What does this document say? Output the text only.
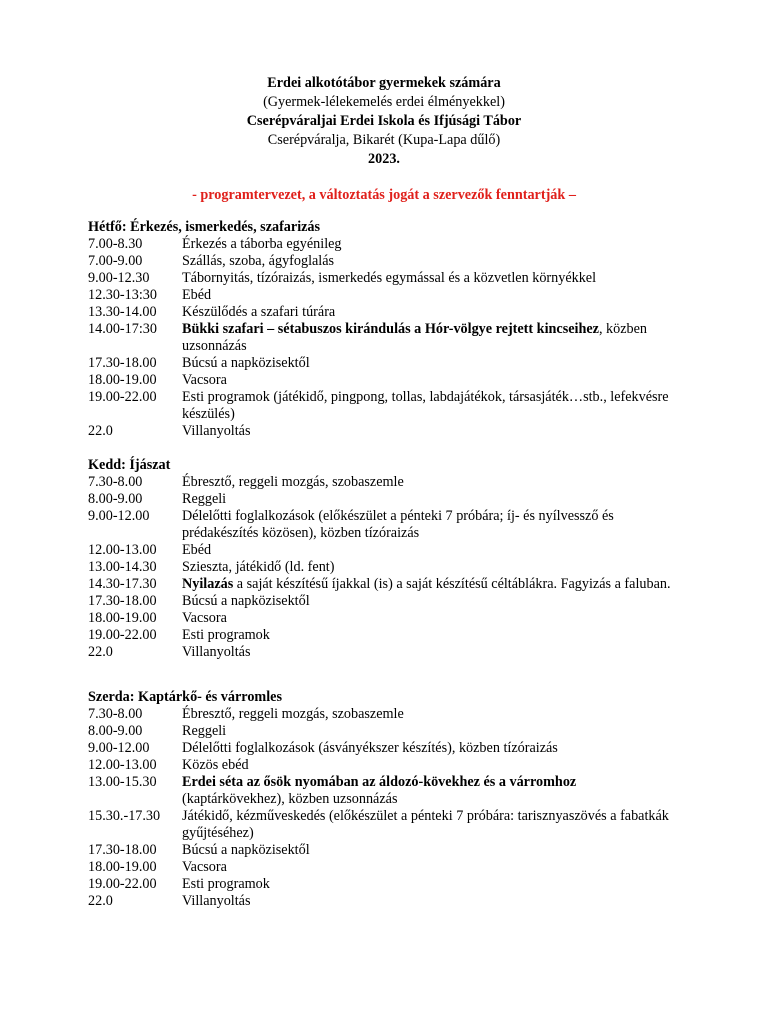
Erdei alkotótábor gyermekek számára
(Gyermek-lélekemelés erdei élményekkel)
Cserépváraljai Erdei Iskola és Ifjúsági Tábor
Cserépváralja, Bikarét (Kupa-Lapa dűlő)
2023.
- programtervezet, a változtatás jogát a szervezők fenntartják –
Hétfő: Érkezés, ismerkedés, szafarizás
7.00-8.30	Érkezés a táborba egyénileg
7.00-9.00	Szállás, szoba, ágyfoglalás
9.00-12.30	Tábornyitás, tízóraizás, ismerkedés egymással és a közvetlen környékkel
12.30-13:30	Ebéd
13.30-14.00	Készülődés a szafari túrára
14.00-17:30	Bükki szafari – sétabuszos kirándulás a Hór-völgye rejtett kincseihez, közben uzsonnázás
17.30-18.00	Búcsú a napközisektől
18.00-19.00	Vacsora
19.00-22.00	Esti programok (játékidő, pingpong, tollas, labdajátékok, társasjáték…stb., lefekvésre készülés)
22.0	Villanyoltás
Kedd: Íjászat
7.30-8.00	Ébresztő, reggeli mozgás, szobaszemle
8.00-9.00	Reggeli
9.00-12.00	Délelőtti foglalkozások (előkészület a pénteki 7 próbára; íj- és nyílvessző és prédakészítés közösen), közben tízóraizás
12.00-13.00	Ebéd
13.00-14.30	Sziesztа, játékidő (ld. fent)
14.30-17.30	Nyilazás a saját készítésű íjakkal (is) a saját készítésű céltáblákra. Fagyizás a faluban.
17.30-18.00	Búcsú a napközisektől
18.00-19.00	Vacsora
19.00-22.00	Esti programok
22.0	Villanyoltás
Szerda: Kaptárkő- és várromles
7.30-8.00	Ébresztő, reggeli mozgás, szobaszemle
8.00-9.00	Reggeli
9.00-12.00	Délelőtti foglalkozások (ásványékszer készítés), közben tízóraizás
12.00-13.00	Közös ebéd
13.00-15.30	Erdei séta az ősök nyomában az áldozó-kövekhez és a várromhoz (kaptárkövekhez), közben uzsonnázás
15.30.-17.30	Játékidő, kézműveskedés (előkészület a pénteki 7 próbára: tarisznyaszövés a fabatkák gyűjtéséhez)
17.30-18.00	Búcsú a napközisektől
18.00-19.00	Vacsora
19.00-22.00	Esti programok
22.0	Villanyoltás
